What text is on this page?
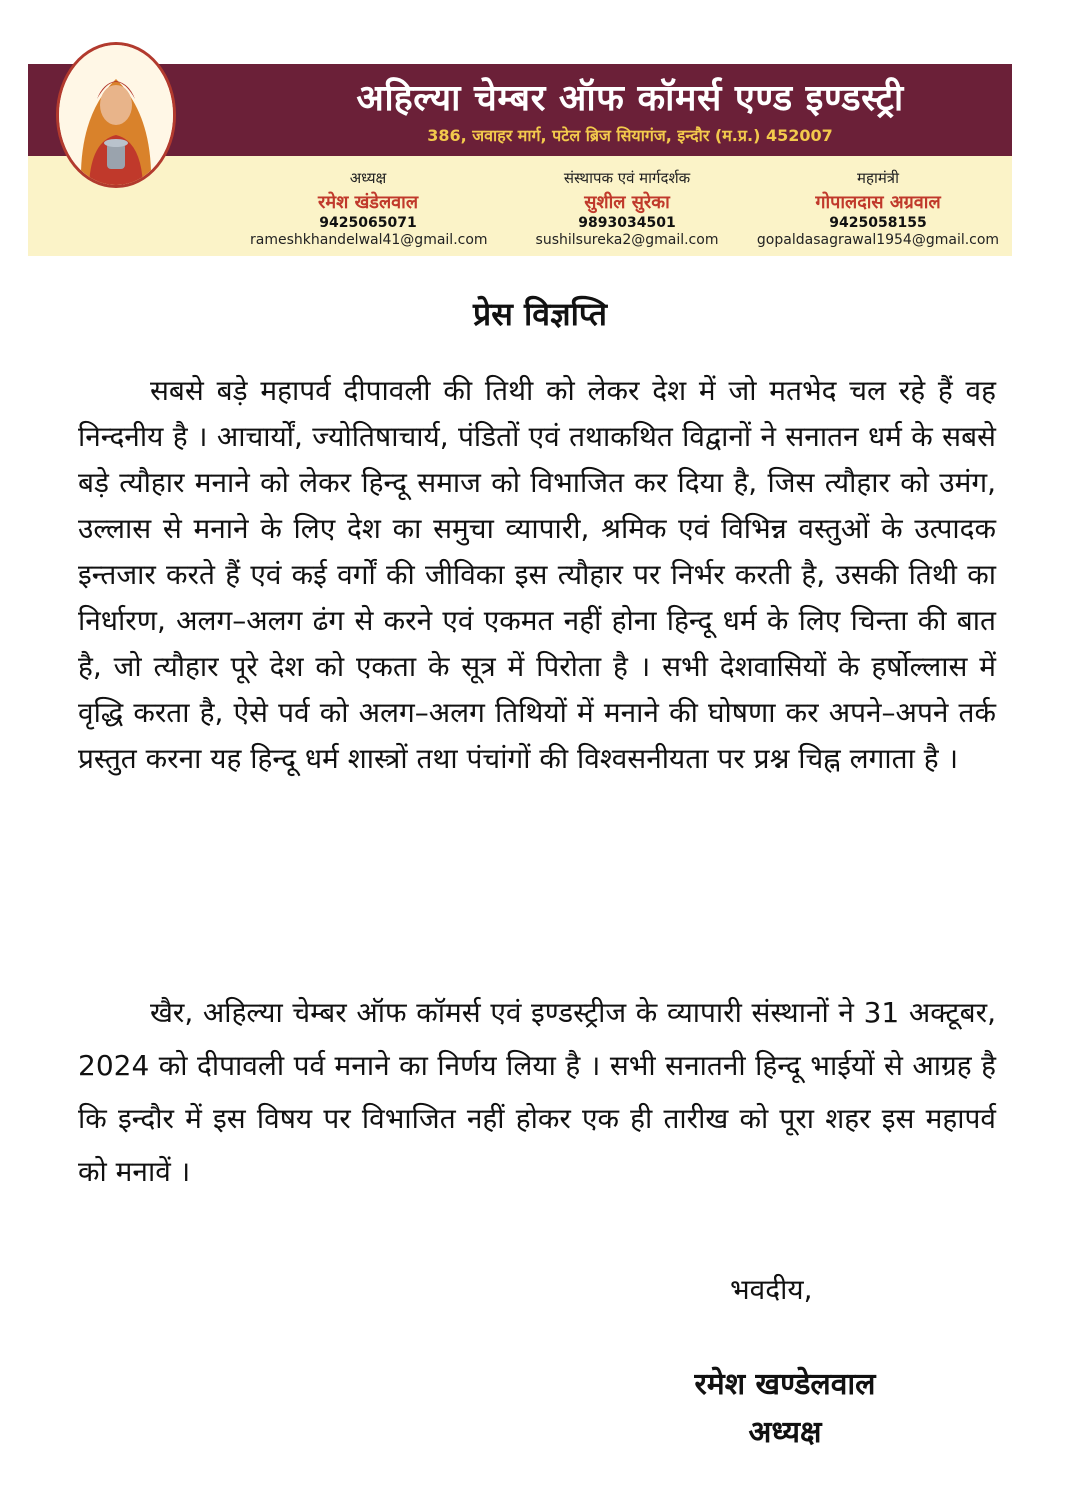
अहिल्या चेम्बर ऑफ कॉमर्स एण्ड इण्डस्ट्री
386, जवाहर मार्ग, पटेल ब्रिज सियागंज, इन्दौर (म.प्र.) 452007
अध्यक्ष
रमेश खंडेलवाल
9425065071
rameshkhandelwal41@gmail.com
संस्थापक एवं मार्गदर्शक
सुशील सुरेका
9893034501
sushilsureka2@gmail.com
महामंत्री
गोपालदास अग्रवाल
9425058155
gopaldasagrawal1954@gmail.com
प्रेस विज्ञप्ति

सबसे बड़े महापर्व दीपावली की तिथी को लेकर देश में जो मतभेद चल रहे हैं वह निन्दनीय है । आचार्यों, ज्योतिषाचार्य, पंडितों एवं तथाकथित विद्वानों ने सनातन धर्म के सबसे बड़े त्यौहार मनाने को लेकर हिन्दू समाज को विभाजित कर दिया है, जिस त्यौहार को उमंग, उल्लास से मनाने के लिए देश का समुचा व्यापारी, श्रमिक एवं विभिन्न वस्तुओं के उत्पादक इन्तजार करते हैं एवं कई वर्गों की जीविका इस त्यौहार पर निर्भर करती है, उसकी तिथी का निर्धारण, अलग–अलग ढंग से करने एवं एकमत नहीं होना हिन्दू धर्म के लिए चिन्ता की बात है, जो त्यौहार पूरे देश को एकता के सूत्र में पिरोता है । सभी देशवासियों के हर्षोल्लास में वृद्धि करता है, ऐसे पर्व को अलग–अलग तिथियों में मनाने की घोषणा कर अपने–अपने तर्क प्रस्तुत करना यह हिन्दू धर्म शास्त्रों तथा पंचांगों की विश्वसनीयता पर प्रश्न चिह्न लगाता है ।

खैर, अहिल्या चेम्बर ऑफ कॉमर्स एवं इण्डस्ट्रीज के व्यापारी संस्थानों ने 31 अक्टूबर, 2024 को दीपावली पर्व मनाने का निर्णय लिया है । सभी सनातनी हिन्दू भाईयों से आग्रह है कि इन्दौर में इस विषय पर विभाजित नहीं होकर एक ही तारीख को पूरा शहर इस महापर्व को मनावें ।

भवदीय,
रमेश खण्डेलवाल
अध्यक्ष
